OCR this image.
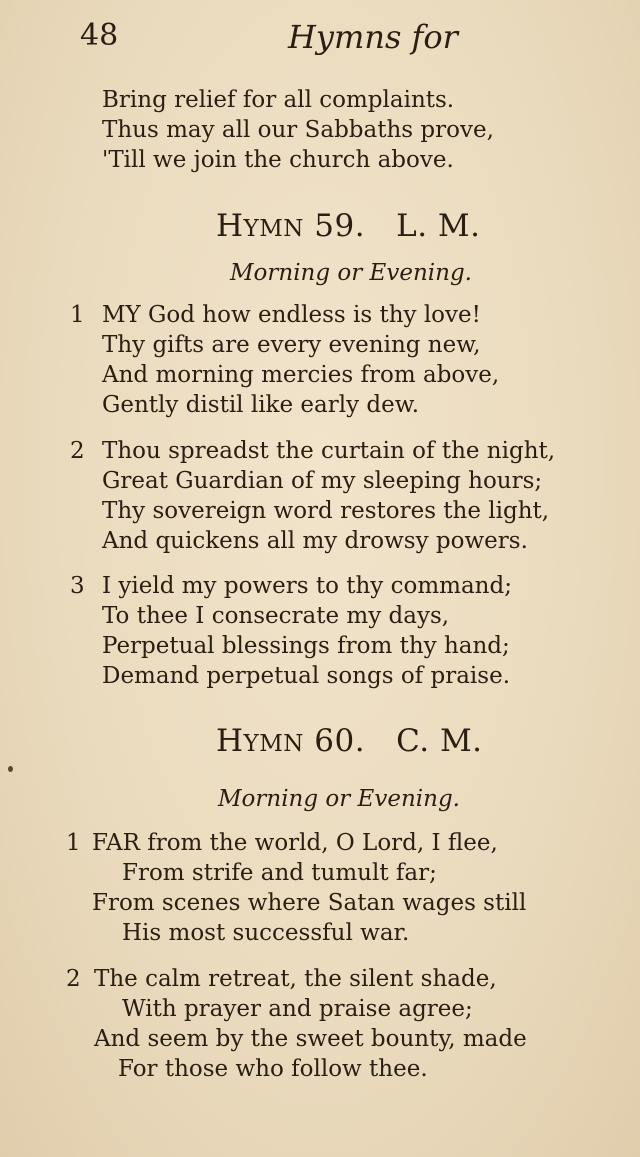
48	Hymns for
Bring relief for all complaints.
Thus may all our Sabbaths prove,
'Till we join the church above.
HYMN 59.   L. M.
Morning or Evening.
1 MY God how endless is thy love!
Thy gifts are every evening new,
And morning mercies from above,
Gently distil like early dew.
2 Thou spreadst the curtain of the night,
Great Guardian of my sleeping hours;
Thy sovereign word restores the light,
And quickens all my drowsy powers.
3 I yield my powers to thy command;
To thee I consecrate my days,
Perpetual blessings from thy hand;
Demand perpetual songs of praise.
HYMN 60.   C. M.
Morning or Evening.
1 FAR from the world, O Lord, I flee,
From strife and tumult far;
From scenes where Satan wages still
His most successful war.
2 The calm retreat, the silent shade,
With prayer and praise agree;
And seem by the sweet bounty, made
For those who follow thee.
